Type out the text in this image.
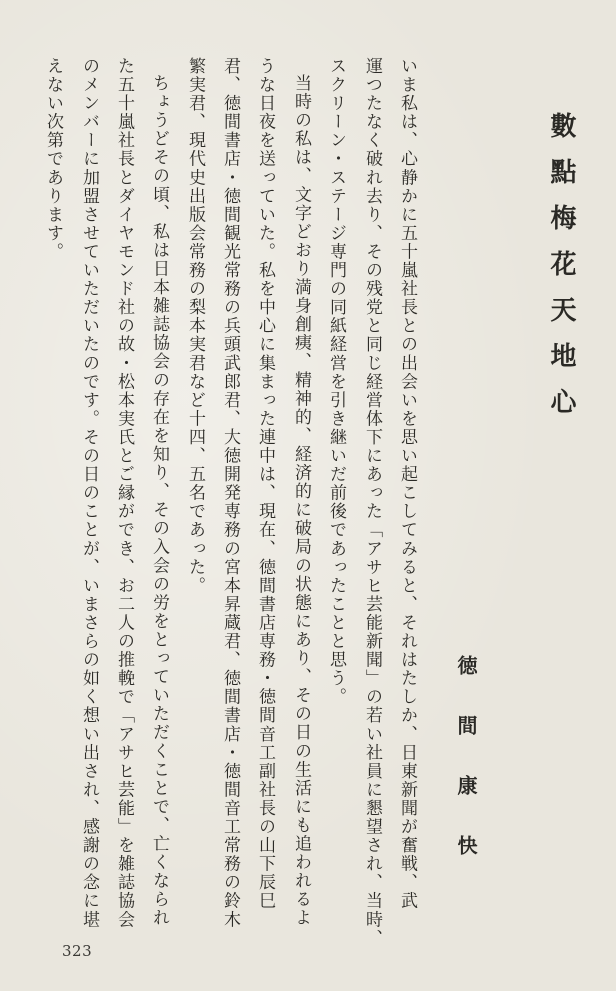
數點梅花天地心
徳間康快
いま私は、心静かに五十嵐社長との出会いを思い起こしてみると、それはたしか、日東新聞が奮戦、武
運つたなく破れ去り、その残党と同じ経営体下にあった「アサヒ芸能新聞」の若い社員に懇望され、当時、
スクリーン・ステージ専門の同紙経営を引き継いだ前後であったことと思う。
当時の私は、文字どおり満身創痍、精神的、経済的に破局の状態にあり、その日の生活にも追われるよ
うな日夜を送っていた。私を中心に集まった連中は、現在、徳間書店専務・徳間音工副社長の山下辰巳
君、徳間書店・徳間観光常務の兵頭武郎君、大徳開発専務の宮本昇蔵君、徳間書店・徳間音工常務の鈴木
繁実君、現代史出版会常務の梨本実君など十四、五名であった。
ちょうどその頃、私は日本雑誌協会の存在を知り、その入会の労をとっていただくことで、亡くなられ
た五十嵐社長とダイヤモンド社の故・松本実氏とご縁ができ、お二人の推輓で「アサヒ芸能」を雑誌協会
のメンバーに加盟させていただいたのです。その日のことが、いまさらの如く想い出され、感謝の念に堪
えない次第であります。
323
